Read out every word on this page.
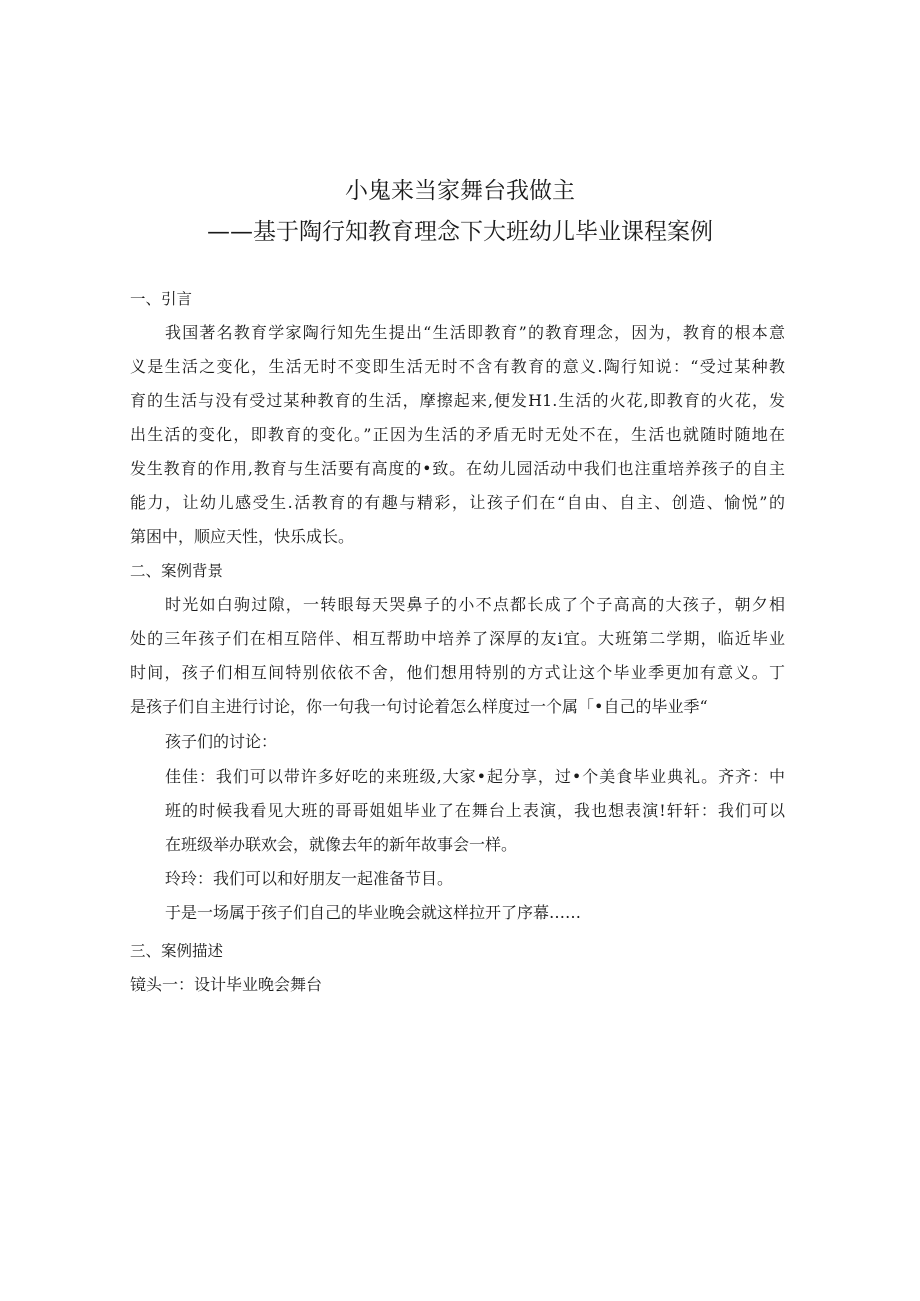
小鬼来当家舞台我做主
——基于陶行知教育理念下大班幼儿毕业课程案例
一、引言
我国著名教育学家陶行知先生提出“生活即教育”的教育理念，因为，教育的根本意
义是生活之变化，生活无时不变即生活无时不含有教育的意义.陶行知说：“受过某种教
育的生活与没有受过某种教育的生活，摩擦起来,便发H1.生活的火花,即教育的火花，发
出生活的变化，即教育的变化。”正因为生活的矛盾无时无处不在，生活也就随时随地在
发生教育的作用,教育与生活要有高度的•致。在幼儿园活动中我们也注重培养孩子的自主
能力，让幼儿感受生.活教育的有趣与精彩，让孩子们在“自由、自主、创造、愉悦”的
第困中，顺应天性，快乐成长。
二、案例背景
时光如白驹过隙，一转眼每天哭鼻子的小不点都长成了个子高高的大孩子，朝夕相
处的三年孩子们在相互陪伴、相互帮助中培养了深厚的友i宜。大班第二学期，临近毕业
时间，孩子们相互间特别依依不舍，他们想用特别的方式让这个毕业季更加有意义。丁
是孩子们自主进行讨论，你一句我一句讨论着怎么样度过一个属「•自己的毕业季“
孩子们的讨论：
佳佳：我们可以带许多好吃的来班级,大家•起分享，过•个美食毕业典礼。齐齐：中
班的时候我看见大班的哥哥姐姐毕业了在舞台上表演，我也想表演!轩轩：我们可以
在班级举办联欢会，就像去年的新年故事会一样。
玲玲：我们可以和好朋友一起准备节目。
于是一场属于孩子们自己的毕业晚会就这样拉开了序幕……
三、案例描述
镜头一：设计毕业晚会舞台
